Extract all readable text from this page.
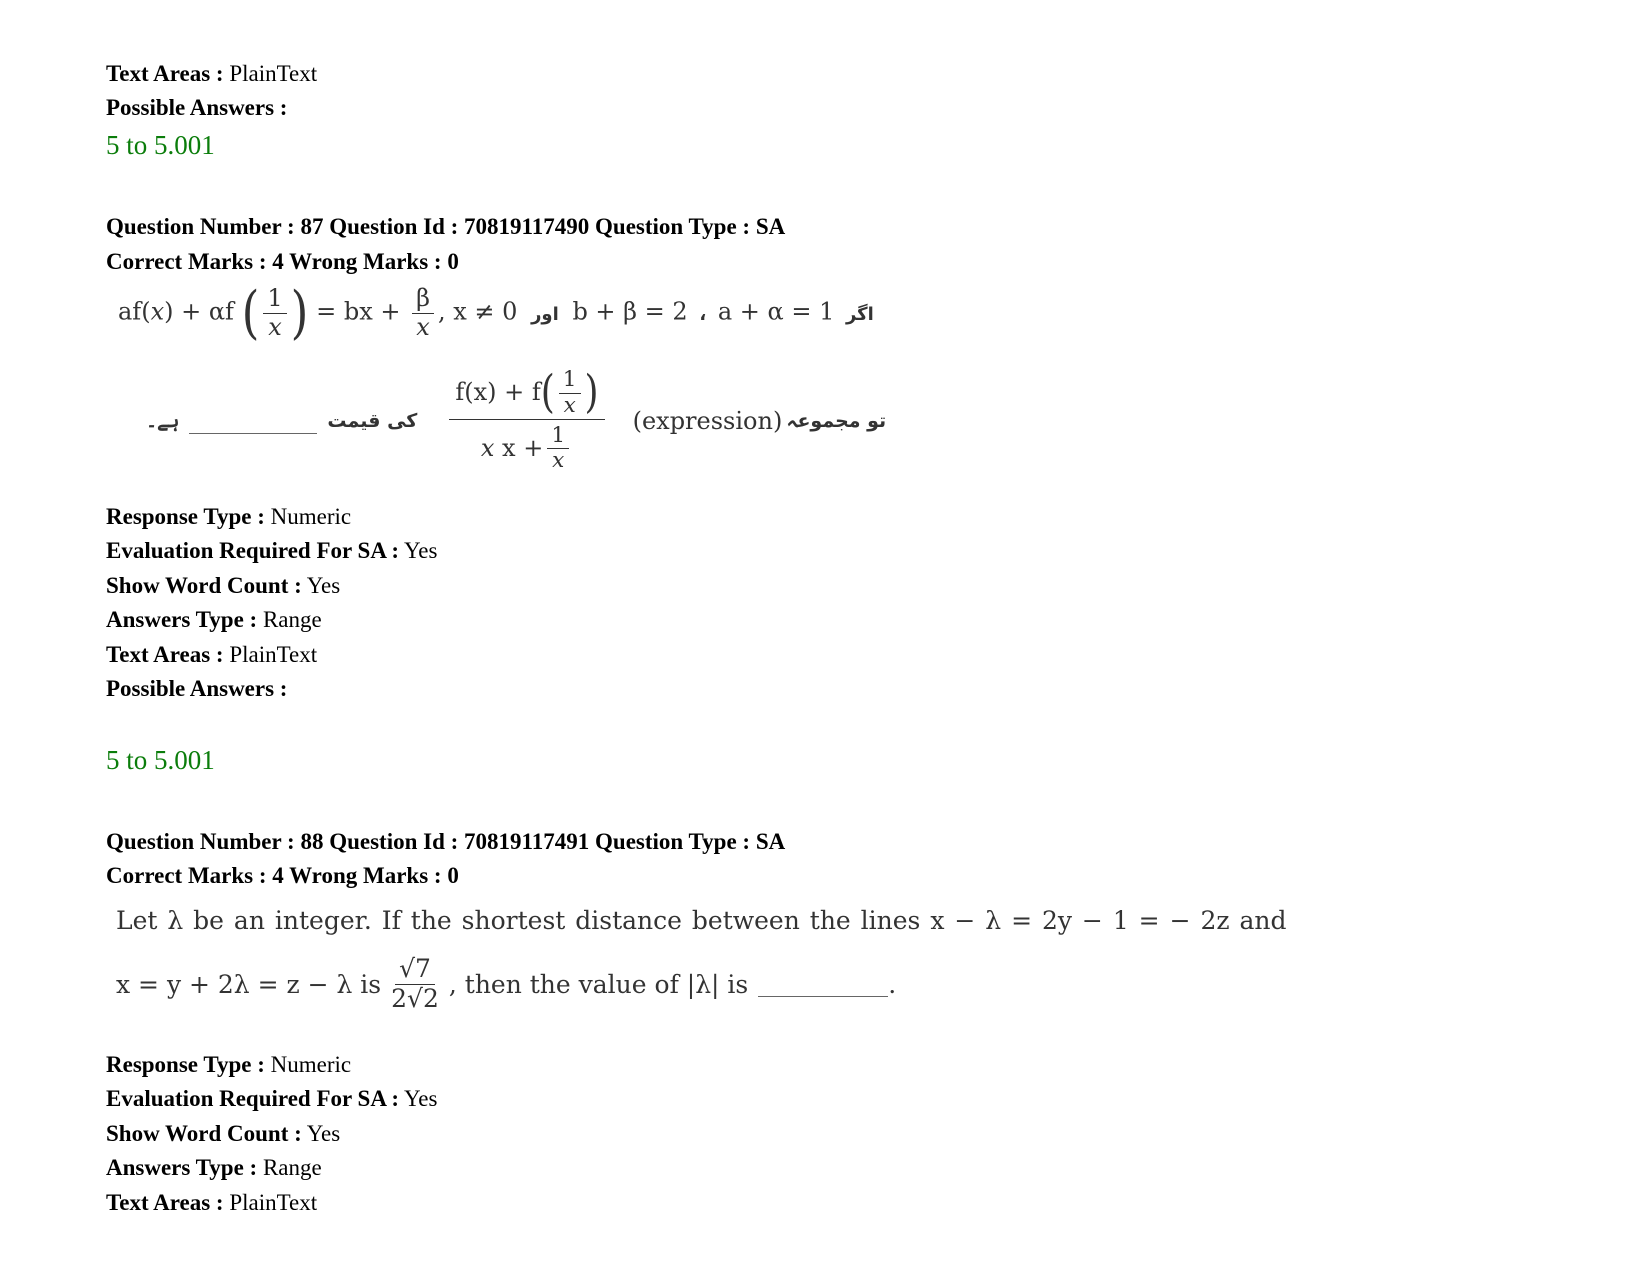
Text Areas : PlainText
Possible Answers :
5 to 5.001
Question Number : 87 Question Id : 70819117490 Question Type : SA
Correct Marks : 4 Wrong Marks : 0
af(x) + αf ( $\frac{1}{x}$ ) = bx + $\frac{\beta}{x}$ , x ≠ 0 اور b + β = 2 ، a + α = 1 اگر
ہے۔	کی قیمت $\frac{f(x) + f( \frac{1}{x} )}{x x + \frac{1}{x}}$ (expression) تو مجموعہ
Response Type : Numeric
Evaluation Required For SA : Yes
Show Word Count : Yes
Answers Type : Range
Text Areas : PlainText
Possible Answers :
5 to 5.001
Question Number : 88 Question Id : 70819117491 Question Type : SA
Correct Marks : 4 Wrong Marks : 0
Let λ be an integer. If the shortest distance between the lines x − λ = 2y − 1 = − 2z and
x = y + 2λ = z − λ is $\frac{√7}{2√2}$ , then the value of |λ| is	.
Response Type : Numeric
Evaluation Required For SA : Yes
Show Word Count : Yes
Answers Type : Range
Text Areas : PlainText
